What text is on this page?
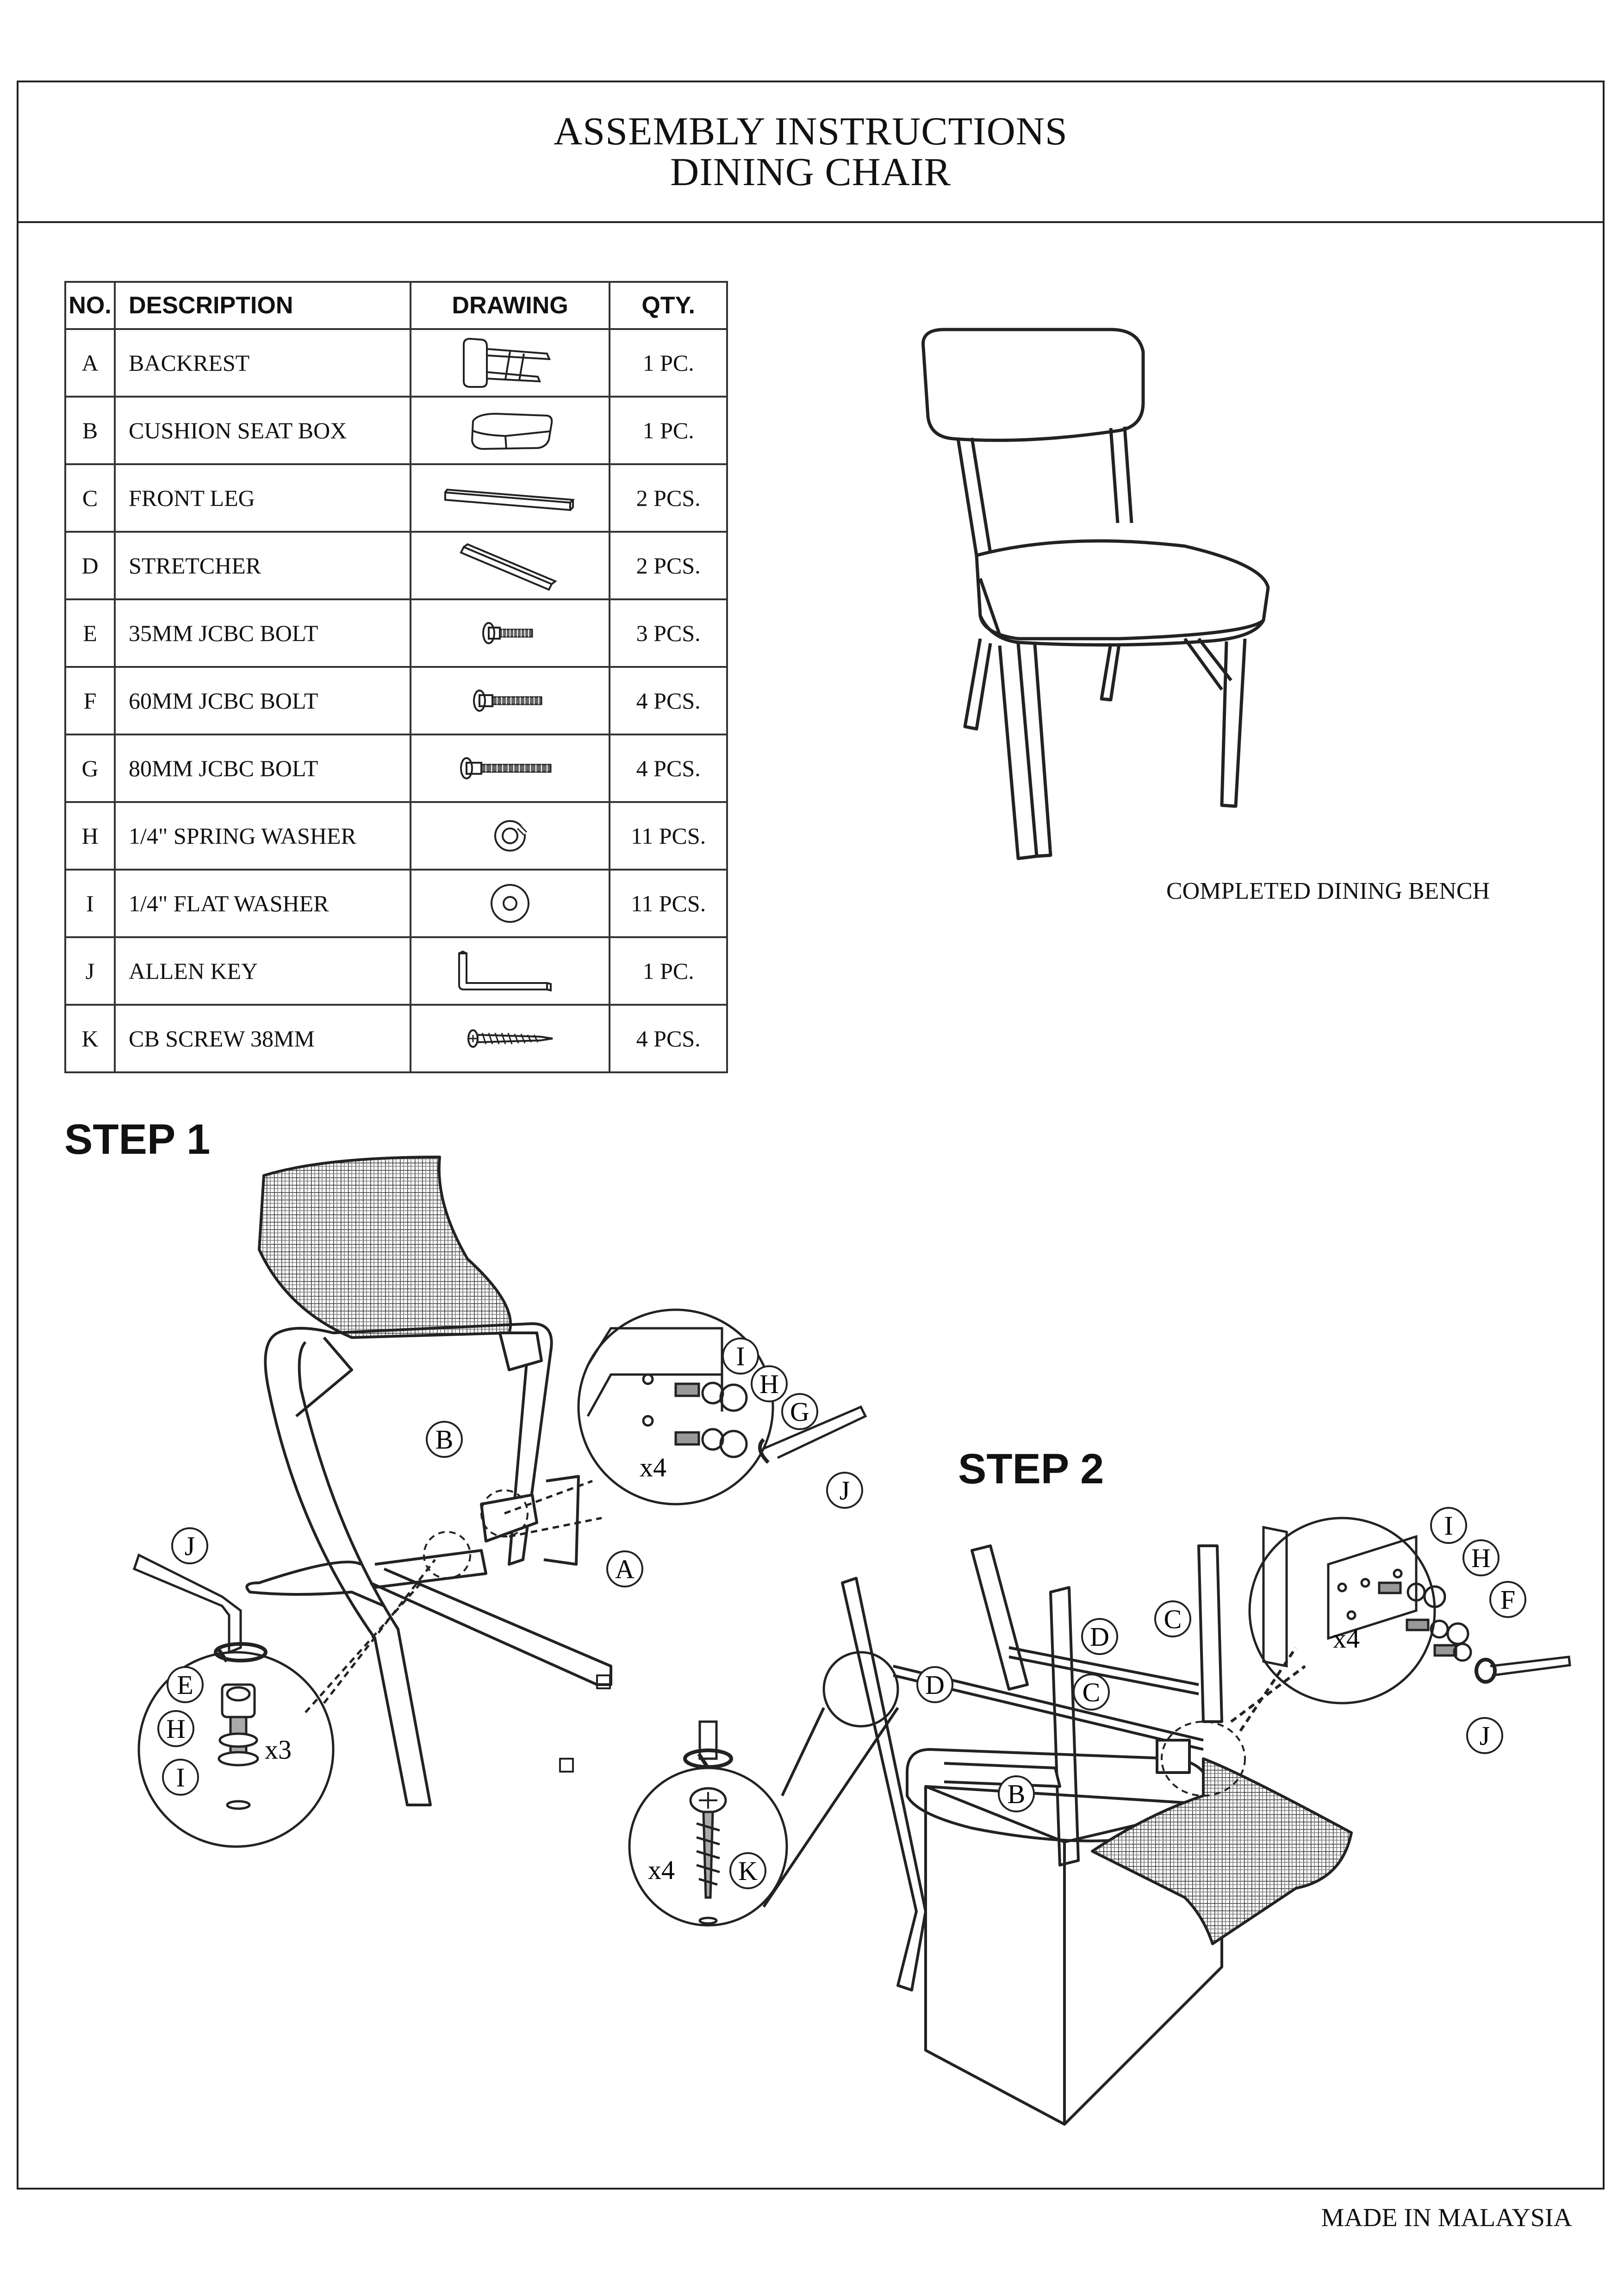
ASSEMBLY INSTRUCTIONS
DINING CHAIR
NO.	DESCRIPTION	DRAWING	QTY.
A	BACKREST		1 PC.
B	CUSHION SEAT BOX		1 PC.
C	FRONT LEG		2 PCS.
D	STRETCHER		2 PCS.
E	35MM JCBC BOLT		3 PCS.
F	60MM JCBC BOLT		4 PCS.
G	80MM JCBC BOLT		4 PCS.
H	1/4" SPRING WASHER		11 PCS.
I	1/4" FLAT WASHER		11 PCS.
J	ALLEN KEY		1 PC.
K	CB SCREW 38MM		4 PCS.
COMPLETED DINING BENCH
STEP 1
STEP 2
MADE IN MALAYSIA
B
A
I
H
G
J
x4
J
E
H
I
x3
D
D
C
C
B
K
x4
I
H
F
J
x4
